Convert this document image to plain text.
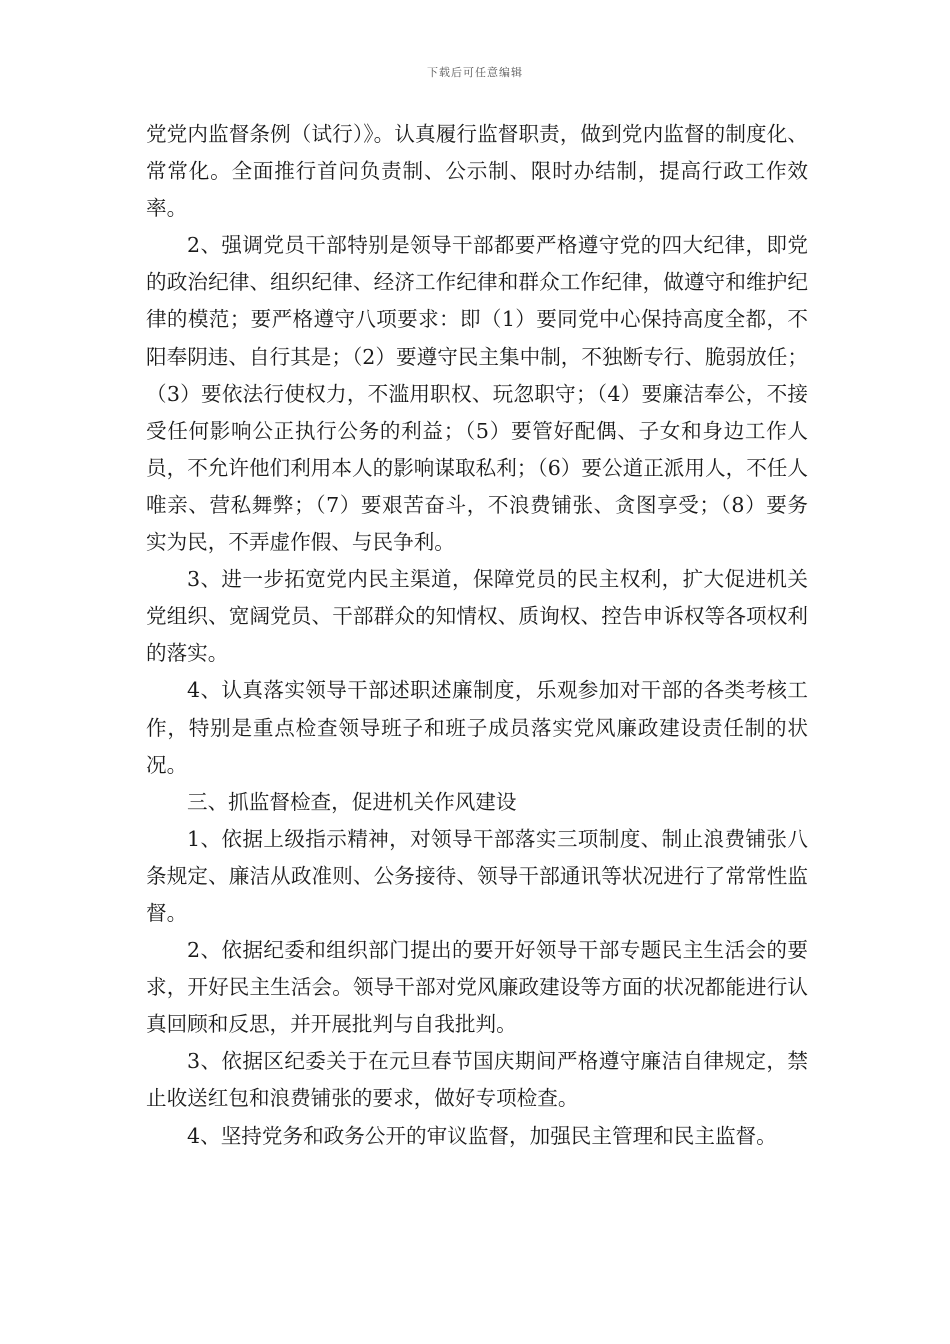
下载后可任意编辑

党党内监督条例（试行）》。认真履行监督职责，做到党内监督的制度化、常常化。全面推行首问负责制、公示制、限时办结制，提高行政工作效率。

2、强调党员干部特别是领导干部都要严格遵守党的四大纪律，即党的政治纪律、组织纪律、经济工作纪律和群众工作纪律，做遵守和维护纪律的模范；要严格遵守八项要求：即（1）要同党中心保持高度全都，不阳奉阴违、自行其是；（2）要遵守民主集中制，不独断专行、脆弱放任；（3）要依法行使权力，不滥用职权、玩忽职守；（4）要廉洁奉公，不接受任何影响公正执行公务的利益；（5）要管好配偶、子女和身边工作人员，不允许他们利用本人的影响谋取私利；（6）要公道正派用人，不任人唯亲、营私舞弊；（7）要艰苦奋斗，不浪费铺张、贪图享受；（8）要务实为民，不弄虚作假、与民争利。

3、进一步拓宽党内民主渠道，保障党员的民主权利，扩大促进机关党组织、宽阔党员、干部群众的知情权、质询权、控告申诉权等各项权利的落实。

4、认真落实领导干部述职述廉制度，乐观参加对干部的各类考核工作，特别是重点检查领导班子和班子成员落实党风廉政建设责任制的状况。

三、抓监督检查，促进机关作风建设

1、依据上级指示精神，对领导干部落实三项制度、制止浪费铺张八条规定、廉洁从政准则、公务接待、领导干部通讯等状况进行了常常性监督。

2、依据纪委和组织部门提出的要开好领导干部专题民主生活会的要求，开好民主生活会。领导干部对党风廉政建设等方面的状况都能进行认真回顾和反思，并开展批判与自我批判。

3、依据区纪委关于在元旦春节国庆期间严格遵守廉洁自律规定，禁止收送红包和浪费铺张的要求，做好专项检查。

4、坚持党务和政务公开的审议监督，加强民主管理和民主监督。
